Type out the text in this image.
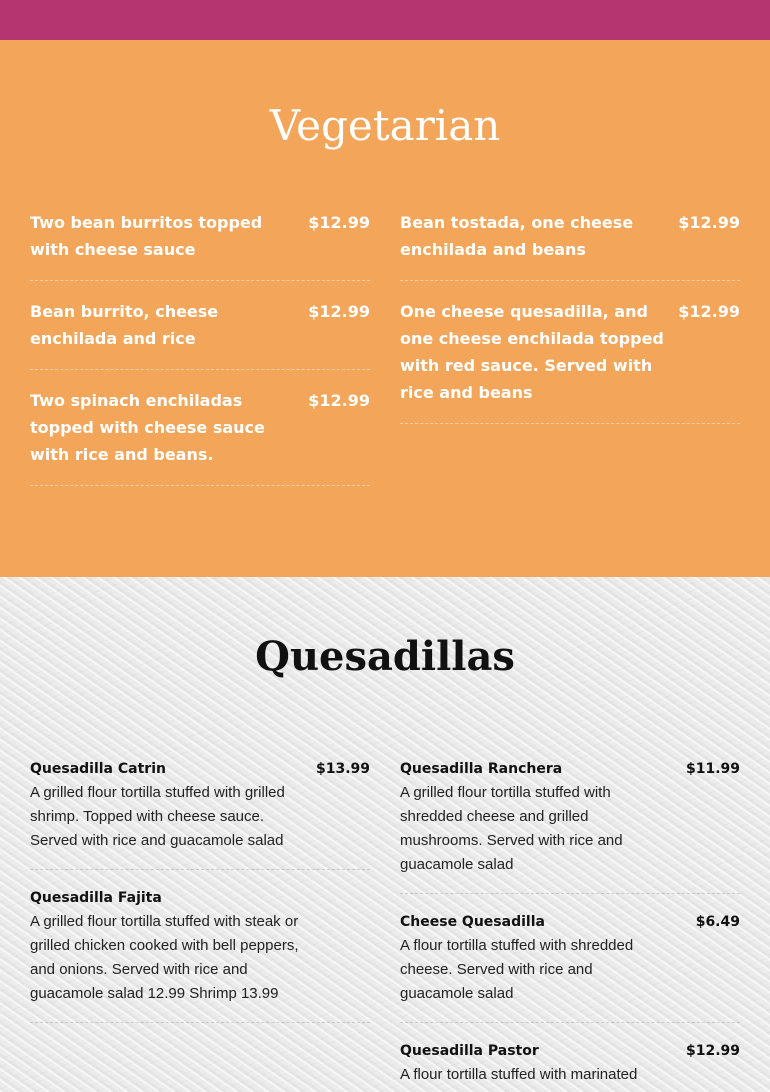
Vegetarian
Two bean burritos topped with cheese sauce
$12.99
Bean burrito, cheese enchilada and rice
$12.99
Two spinach enchiladas topped with cheese sauce with rice and beans.
$12.99
Bean tostada, one cheese enchilada and beans
$12.99
One cheese quesadilla, and one cheese enchilada topped with red sauce. Served with rice and beans
$12.99
Quesadillas
Quesadilla Catrin	$13.99
A grilled flour tortilla stuffed with grilled shrimp. Topped with cheese sauce. Served with rice and guacamole salad
Quesadilla Fajita
A grilled flour tortilla stuffed with steak or grilled chicken cooked with bell peppers, and onions. Served with rice and guacamole salad 12.99 Shrimp 13.99
Quesadilla Ranchera	$11.99
A grilled flour tortilla stuffed with shredded cheese and grilled mushrooms. Served with rice and guacamole salad
Cheese Quesadilla	$6.49
A flour tortilla stuffed with shredded cheese. Served with rice and guacamole salad
Quesadilla Pastor	$12.99
A flour tortilla stuffed with marinated
